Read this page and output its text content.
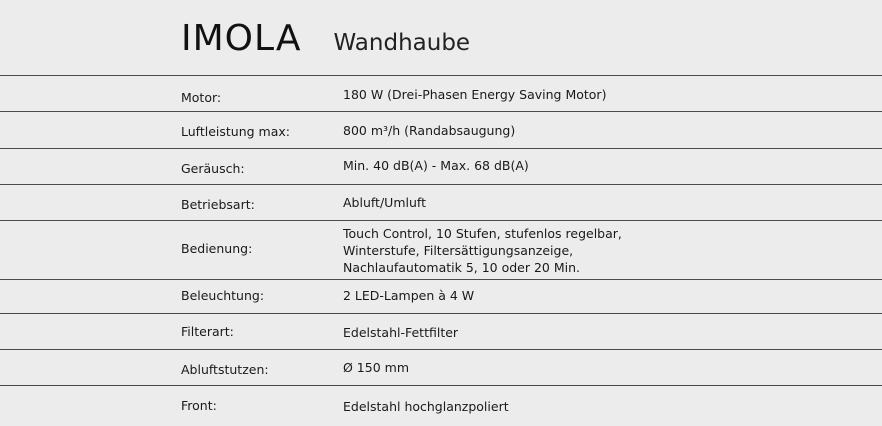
IMOLA Wandhaube
Motor:	180 W (Drei-Phasen Energy Saving Motor)
Luftleistung max:	800 m³/h (Randabsaugung)
Geräusch:	Min. 40 dB(A) - Max. 68 dB(A)
Betriebsart:	Abluft/Umluft
Bedienung:
Touch Control, 10 Stufen, stufenlos regelbar,
Winterstufe, Filtersättigungsanzeige,
Nachlaufautomatik 5, 10 oder 20 Min.
Beleuchtung:	2 LED-Lampen à 4 W
Filterart:	Edelstahl-Fettfilter
Abluftstutzen:	Ø 150 mm
Front:	Edelstahl hochglanzpoliert
